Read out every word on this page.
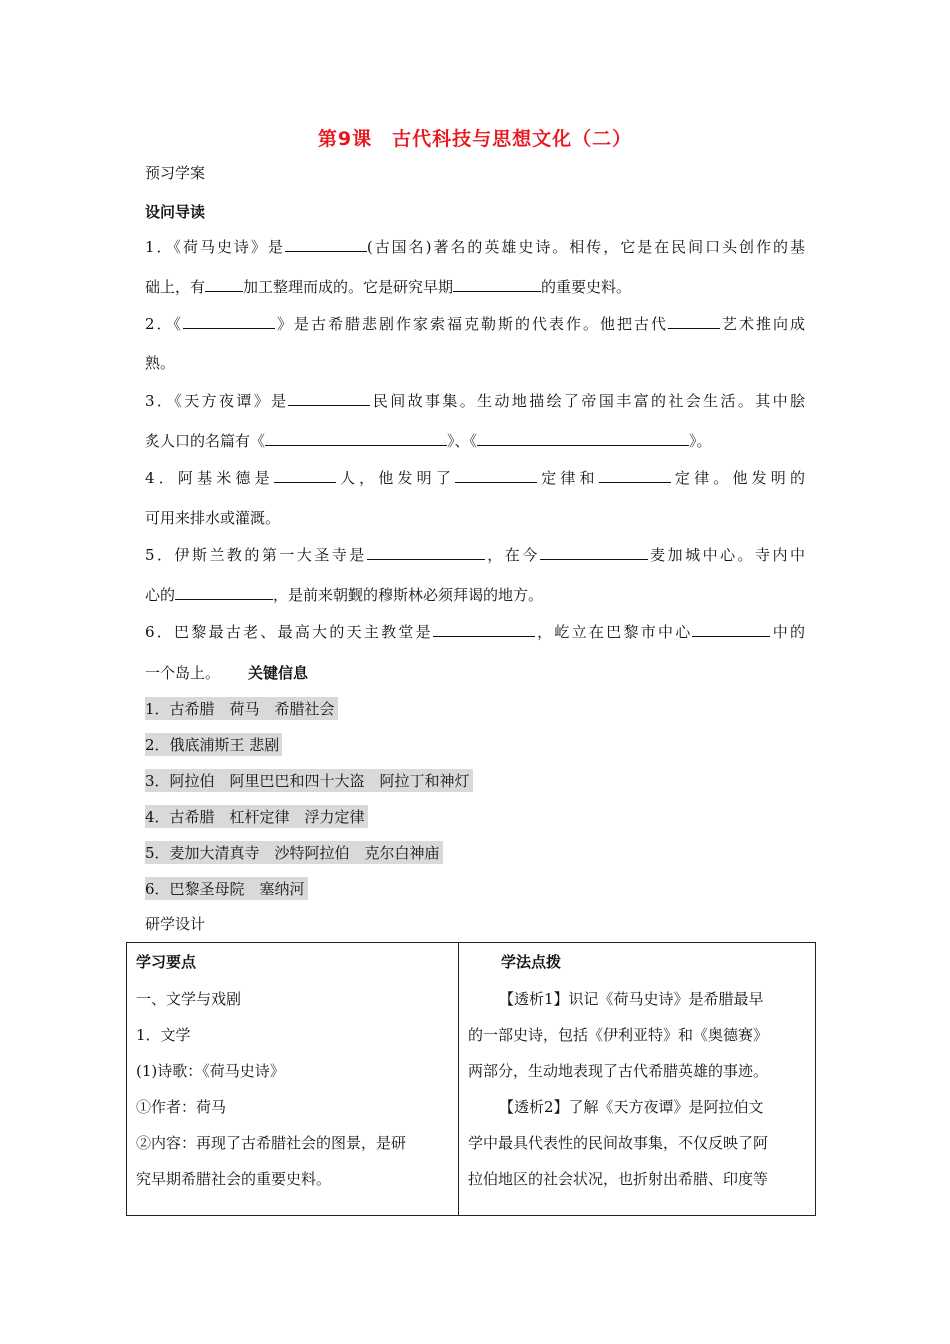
第9课　古代科技与思想文化（二）
预习学案
设问导读
1．《荷马史诗》是	(古国名)著名的英雄史诗。相传，它是在民间口头创作的基
础上，有	加工整理而成的。它是研究早期	的重要史料。
2．《	》是古希腊悲剧作家索福克勒斯的代表作。他把古代	艺术推向成
熟。
3．《天方夜谭》是	民间故事集。生动地描绘了帝国丰富的社会生活。其中脍
炙人口的名篇有《	》、《	》。
4．阿基米德是	人，他发明了	定律和	定律。他发明的
可用来排水或灌溉。
5．伊斯兰教的第一大圣寺是	，在今	麦加城中心。寺内中
心的	，是前来朝觐的穆斯林必须拜谒的地方。
6．巴黎最古老、最高大的天主教堂是	，屹立在巴黎市中心	中的
一个岛上。 关键信息
1．古希腊　荷马　希腊社会
2．俄底浦斯王 悲剧
3．阿拉伯　阿里巴巴和四十大盗　阿拉丁和神灯
4．古希腊　杠杆定律　浮力定律
5．麦加大清真寺　沙特阿拉伯　克尔白神庙
6．巴黎圣母院　塞纳河
研学设计
学习要点
一、文学与戏剧
1．文学
(1)诗歌：《荷马史诗》
①作者：荷马
②内容：再现了古希腊社会的图景，是研
究早期希腊社会的重要史料。

学法点拨
【透析1】识记《荷马史诗》是希腊最早
的一部史诗，包括《伊利亚特》和《奥德赛》
两部分，生动地表现了古代希腊英雄的事迹。
【透析2】了解《天方夜谭》是阿拉伯文
学中最具代表性的民间故事集，不仅反映了阿
拉伯地区的社会状况，也折射出希腊、印度等
